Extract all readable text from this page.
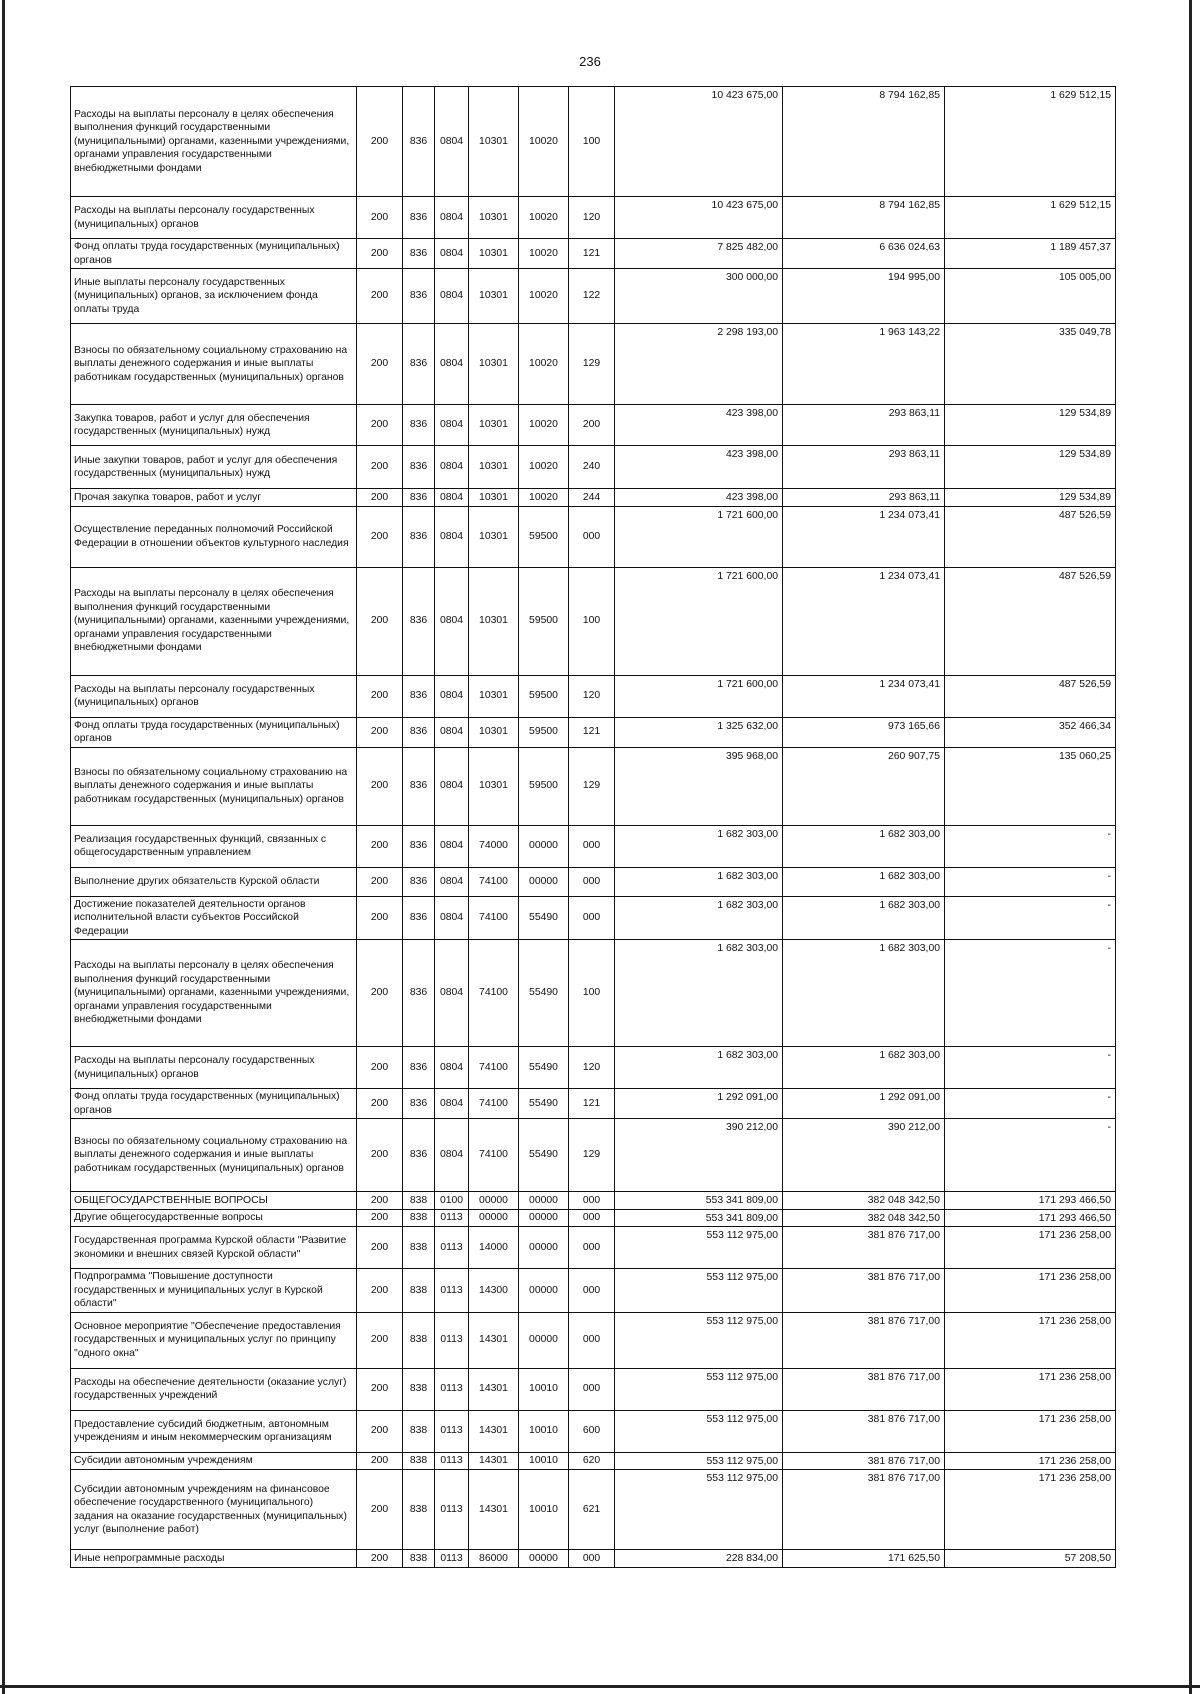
236
Расходы на выплаты персоналу в целях обеспечения выполнения функций государственными (муниципальными) органами, казенными учреждениями, органами управления государственными внебюджетными фондами	200	836	0804	10301	10020	100	10 423 675,00	8 794 162,85	1 629 512,15
Расходы на выплаты персоналу государственных (муниципальных) органов	200	836	0804	10301	10020	120	10 423 675,00	8 794 162,85	1 629 512,15
Фонд оплаты труда государственных (муниципальных) органов	200	836	0804	10301	10020	121	7 825 482,00	6 636 024,63	1 189 457,37
Иные выплаты персоналу государственных (муниципальных) органов, за исключением фонда оплаты труда	200	836	0804	10301	10020	122	300 000,00	194 995,00	105 005,00
Взносы по обязательному социальному страхованию на выплаты денежного содержания и иные выплаты работникам государственных (муниципальных) органов	200	836	0804	10301	10020	129	2 298 193,00	1 963 143,22	335 049,78
Закупка товаров, работ и услуг для обеспечения государственных (муниципальных) нужд	200	836	0804	10301	10020	200	423 398,00	293 863,11	129 534,89
Иные закупки товаров, работ и услуг для обеспечения государственных (муниципальных) нужд	200	836	0804	10301	10020	240	423 398,00	293 863,11	129 534,89
Прочая закупка товаров, работ и услуг	200	836	0804	10301	10020	244	423 398,00	293 863,11	129 534,89
Осуществление переданных полномочий Российской Федерации в отношении объектов культурного наследия	200	836	0804	10301	59500	000	1 721 600,00	1 234 073,41	487 526,59
Расходы на выплаты персоналу в целях обеспечения выполнения функций государственными (муниципальными) органами, казенными учреждениями, органами управления государственными внебюджетными фондами	200	836	0804	10301	59500	100	1 721 600,00	1 234 073,41	487 526,59
Расходы на выплаты персоналу государственных (муниципальных) органов	200	836	0804	10301	59500	120	1 721 600,00	1 234 073,41	487 526,59
Фонд оплаты труда государственных (муниципальных) органов	200	836	0804	10301	59500	121	1 325 632,00	973 165,66	352 466,34
Взносы по обязательному социальному страхованию на выплаты денежного содержания и иные выплаты работникам государственных (муниципальных) органов	200	836	0804	10301	59500	129	395 968,00	260 907,75	135 060,25
Реализация государственных функций, связанных с общегосударственным управлением	200	836	0804	74000	00000	000	1 682 303,00	1 682 303,00	-
Выполнение других обязательств Курской области	200	836	0804	74100	00000	000	1 682 303,00	1 682 303,00	-
Достижение показателей деятельности органов исполнительной власти субъектов Российской Федерации	200	836	0804	74100	55490	000	1 682 303,00	1 682 303,00	-
Расходы на выплаты персоналу в целях обеспечения выполнения функций государственными (муниципальными) органами, казенными учреждениями, органами управления государственными внебюджетными фондами	200	836	0804	74100	55490	100	1 682 303,00	1 682 303,00	-
Расходы на выплаты персоналу государственных (муниципальных) органов	200	836	0804	74100	55490	120	1 682 303,00	1 682 303,00	-
Фонд оплаты труда государственных (муниципальных) органов	200	836	0804	74100	55490	121	1 292 091,00	1 292 091,00	-
Взносы по обязательному социальному страхованию на выплаты денежного содержания и иные выплаты работникам государственных (муниципальных) органов	200	836	0804	74100	55490	129	390 212,00	390 212,00	-
ОБЩЕГОСУДАРСТВЕННЫЕ ВОПРОСЫ	200	838	0100	00000	00000	000	553 341 809,00	382 048 342,50	171 293 466,50
Другие общегосударственные вопросы	200	838	0113	00000	00000	000	553 341 809,00	382 048 342,50	171 293 466,50
Государственная программа Курской области "Развитие экономики и внешних связей Курской области"	200	838	0113	14000	00000	000	553 112 975,00	381 876 717,00	171 236 258,00
Подпрограмма "Повышение доступности государственных и муниципальных услуг в Курской области"	200	838	0113	14300	00000	000	553 112 975,00	381 876 717,00	171 236 258,00
Основное мероприятие "Обеспечение предоставления государственных и муниципальных услуг по принципу "одного окна"	200	838	0113	14301	00000	000	553 112 975,00	381 876 717,00	171 236 258,00
Расходы на обеспечение деятельности (оказание услуг) государственных учреждений	200	838	0113	14301	10010	000	553 112 975,00	381 876 717,00	171 236 258,00
Предоставление субсидий бюджетным, автономным учреждениям и иным некоммерческим организациям	200	838	0113	14301	10010	600	553 112 975,00	381 876 717,00	171 236 258,00
Субсидии автономным учреждениям	200	838	0113	14301	10010	620	553 112 975,00	381 876 717,00	171 236 258,00
Субсидии автономным учреждениям на финансовое обеспечение государственного (муниципального) задания на оказание государственных (муниципальных) услуг (выполнение работ)	200	838	0113	14301	10010	621	553 112 975,00	381 876 717,00	171 236 258,00
Иные непрограммные расходы	200	838	0113	86000	00000	000	228 834,00	171 625,50	57 208,50
